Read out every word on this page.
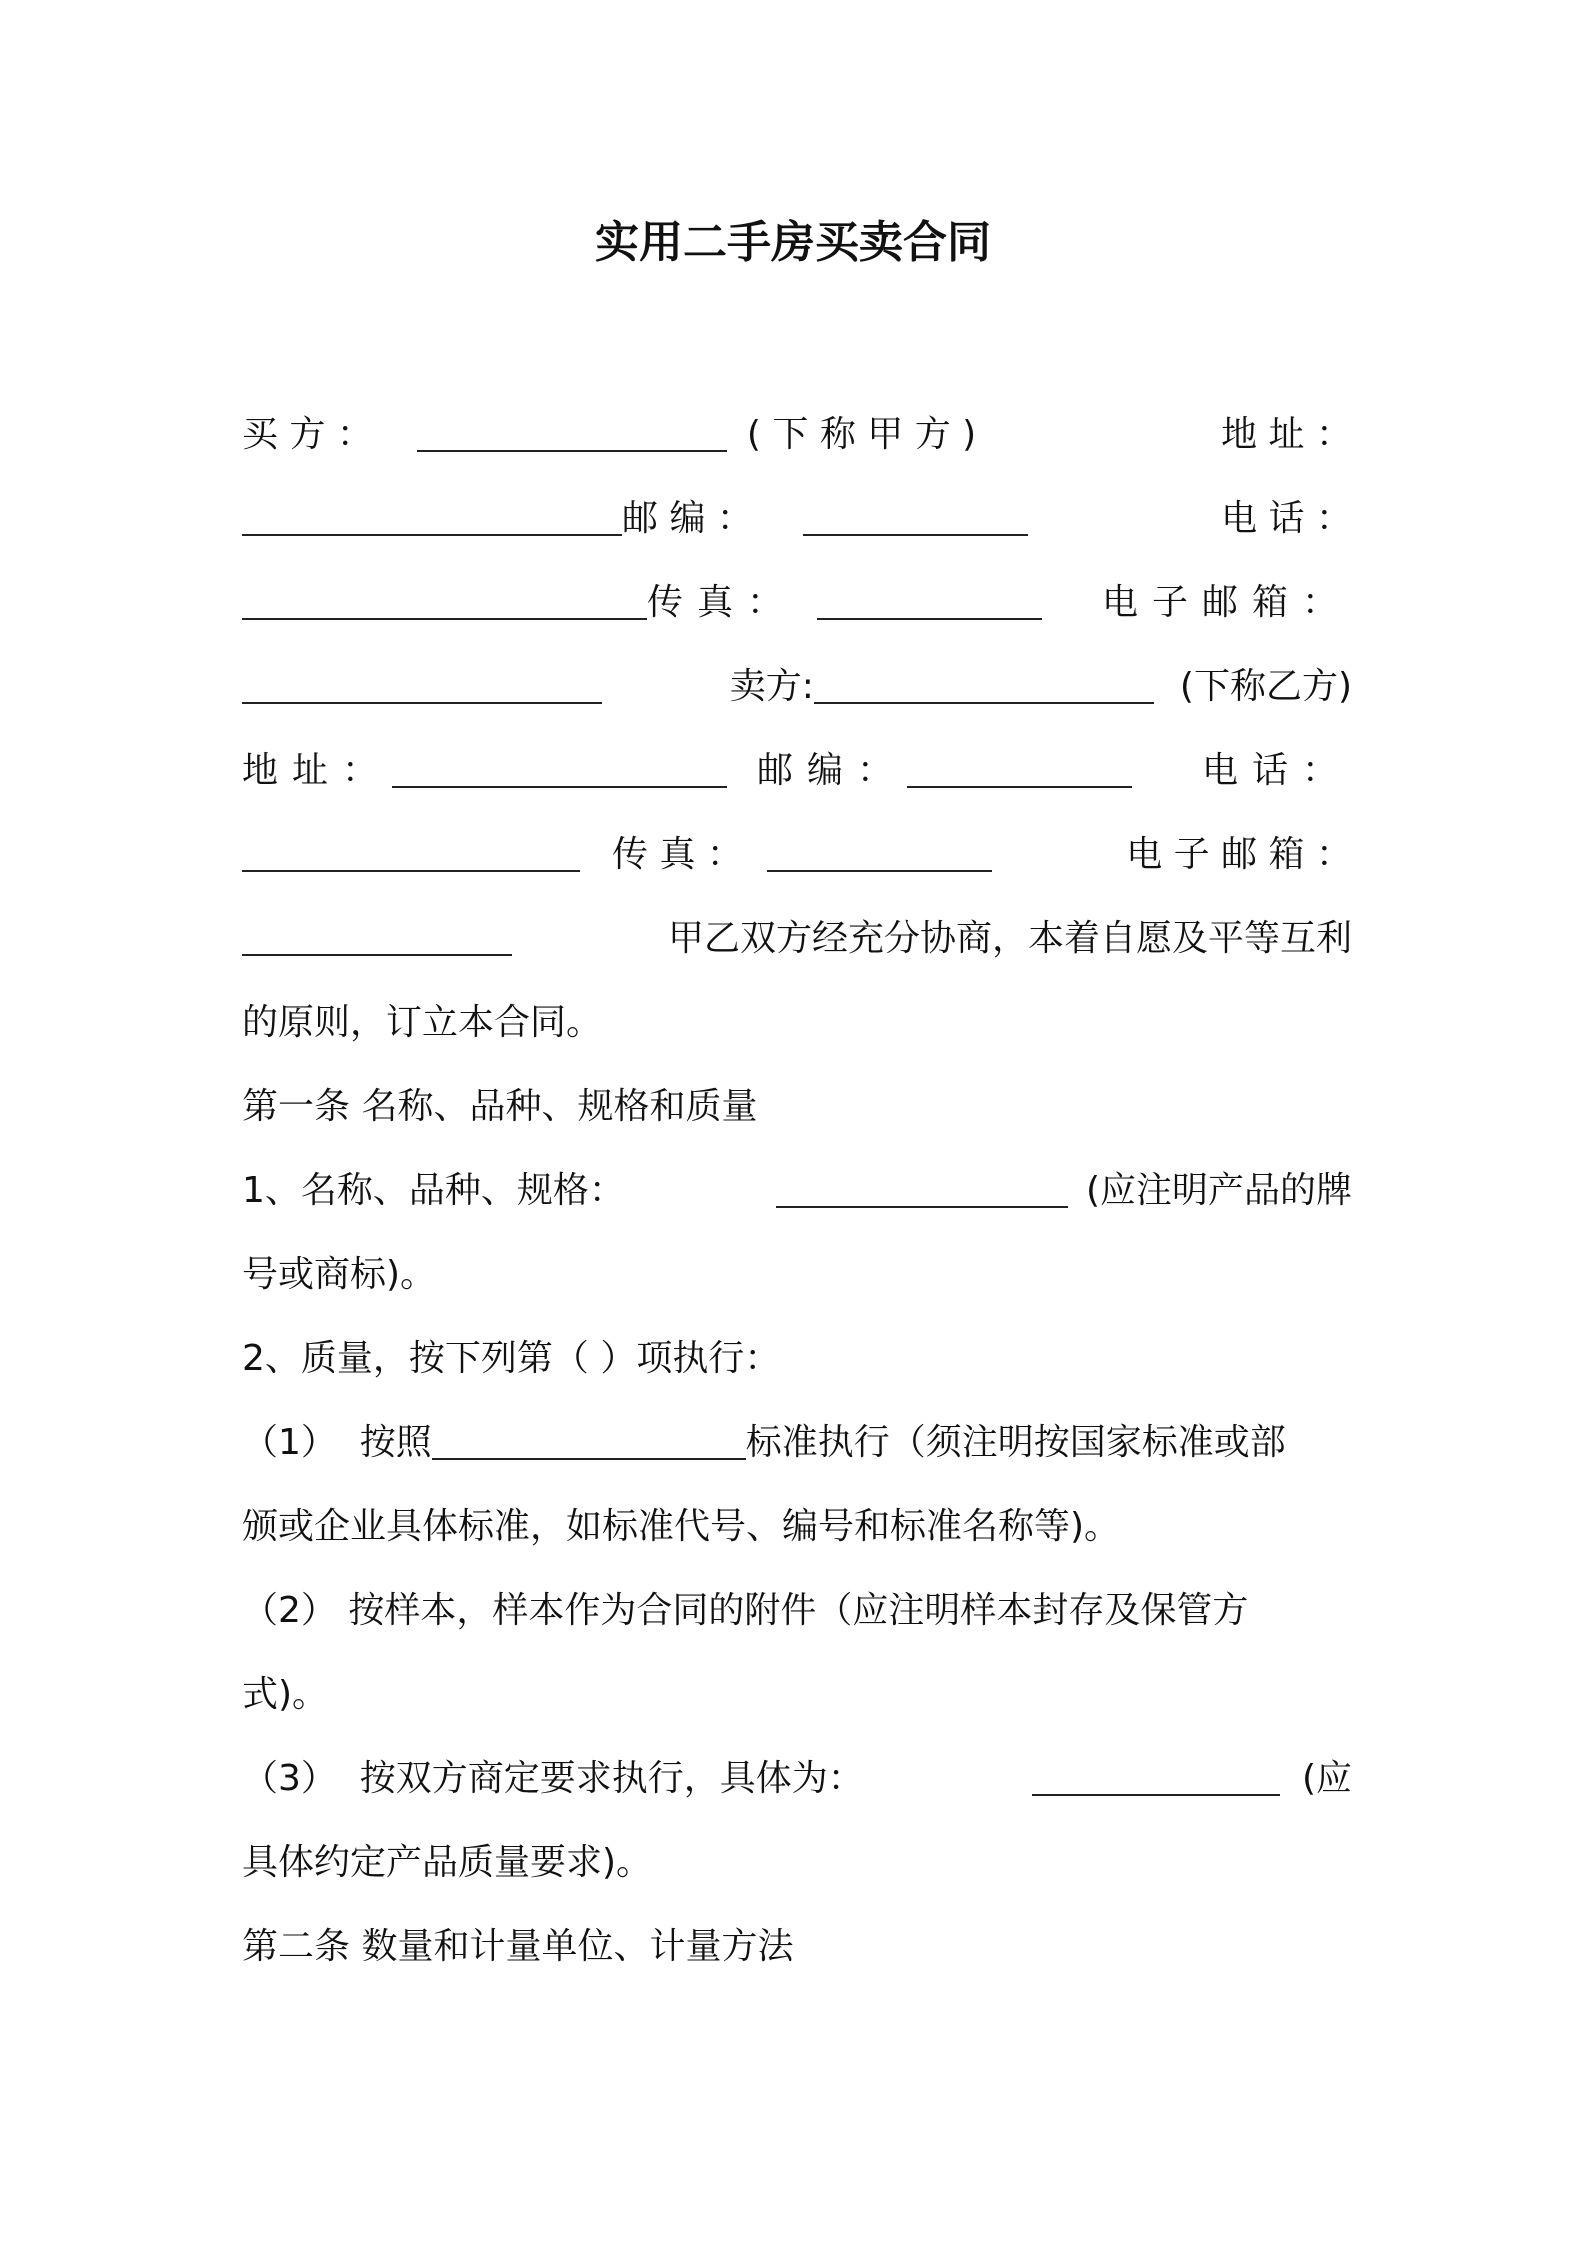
实用二手房买卖合同
买 方 ：	( 下 称 甲 方 )	地 址 ：
邮 编 ：	电 话 ：
传真：	电子邮箱：
卖方:	(下称乙方)
地址：	邮编：	电话：
传 真 ：	电 子 邮 箱 ：
甲乙双方经充分协商，本着自愿及平等互利
的原则，订立本合同。
第一条 名称、品种、规格和质量
1、名称、品种、规格：	(应注明产品的牌
号或商标)。
2、质量，按下列第（ ）项执行：
（1）  按照	标准执行（须注明按国家标准或部
颁或企业具体标准，如标准代号、编号和标准名称等)。
（2） 按样本，样本作为合同的附件（应注明样本封存及保管方
式)。
（3）  按双方商定要求执行，具体为：	(应
具体约定产品质量要求)。
第二条 数量和计量单位、计量方法
